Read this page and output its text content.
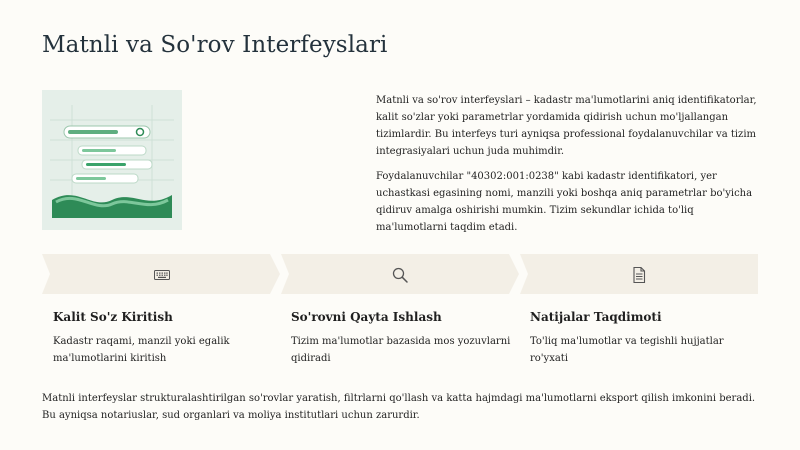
Matnli va So'rov Interfeyslari

Matnli va so'rov interfeyslari – kadastr ma'lumotlarini aniq identifikatorlar, kalit so'zlar yoki parametrlar yordamida qidirish uchun mo'ljallangan tizimlardir. Bu interfeys turi ayniqsa professional foydalanuvchilar va tizim integrasiyalari uchun juda muhimdir.

Foydalanuvchilar "40302:001:0238" kabi kadastr identifikatori, yer uchastkasi egasining nomi, manzili yoki boshqa aniq parametrlar bo'yicha qidiruv amalga oshirishi mumkin. Tizim sekundlar ichida to'liq ma'lumotlarni taqdim etadi.

Kalit So'z Kiritish

Kadastr raqami, manzil yoki egalik ma'lumotlarini kiritish

So'rovni Qayta Ishlash

Tizim ma'lumotlar bazasida mos yozuvlarni qidiradi

Natijalar Taqdimoti

To'liq ma'lumotlar va tegishli hujjatlar ro'yxati

Matnli interfeyslar strukturalashtirilgan so'rovlar yaratish, filtrlarni qo'llash va katta hajmdagi ma'lumotlarni eksport qilish imkonini beradi. Bu ayniqsa notariuslar, sud organlari va moliya institutlari uchun zarurdir.
